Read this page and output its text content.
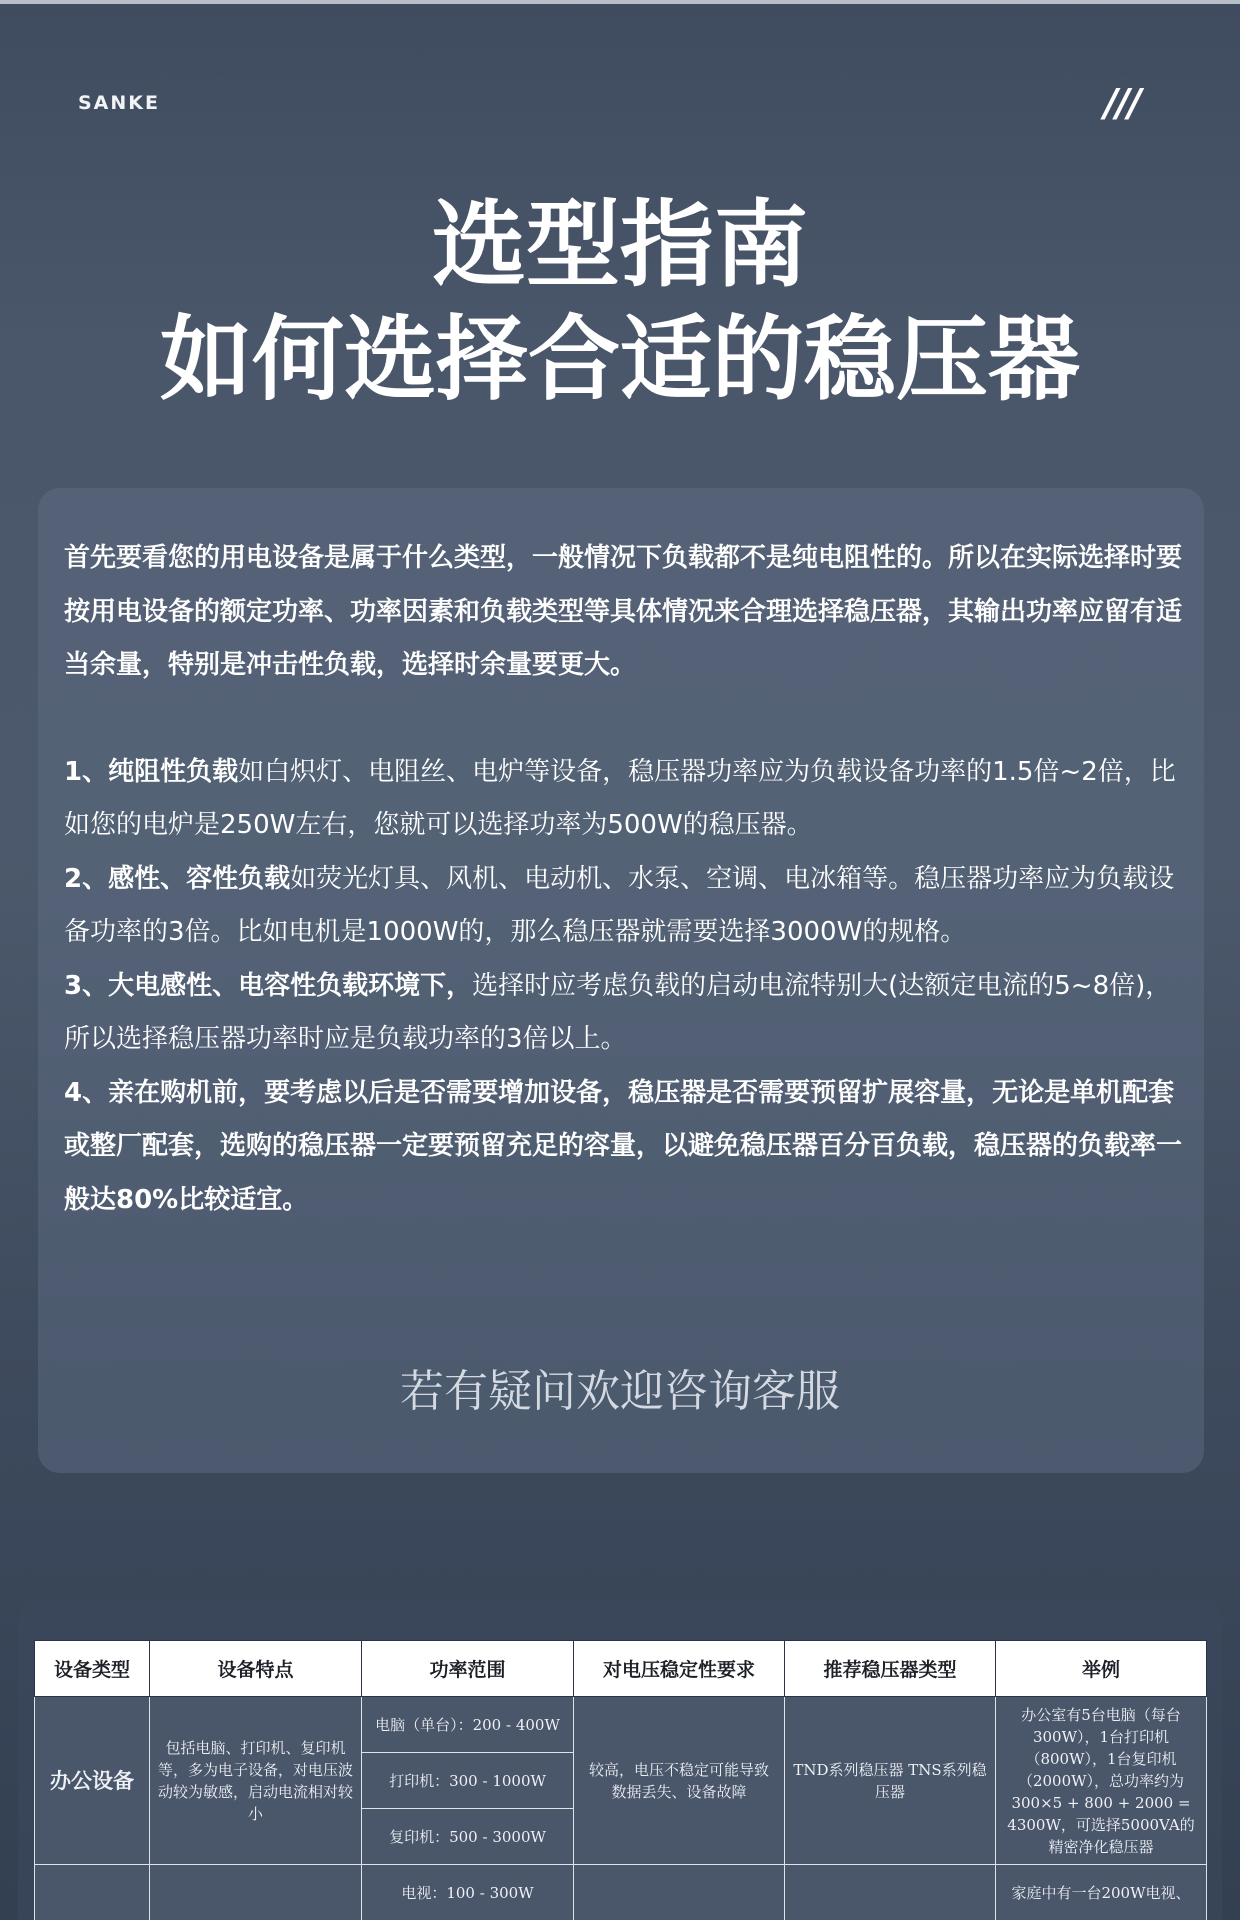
SANKE	///
选型指南
如何选择合适的稳压器

首先要看您的用电设备是属于什么类型，一般情况下负载都不是纯电阻性的。所以在实际选择时要按用电设备的额定功率、功率因素和负载类型等具体情况来合理选择稳压器，其输出功率应留有适当余量，特别是冲击性负载，选择时余量要更大。

1、纯阻性负载如白炽灯、电阻丝、电炉等设备，稳压器功率应为负载设备功率的1.5倍~2倍，比如您的电炉是250W左右，您就可以选择功率为500W的稳压器。

2、感性、容性负载如荧光灯具、风机、电动机、水泵、空调、电冰箱等。稳压器功率应为负载设备功率的3倍。比如电机是1000W的，那么稳压器就需要选择3000W的规格。

3、大电感性、电容性负载环境下，选择时应考虑负载的启动电流特别大(达额定电流的5~8倍)，所以选择稳压器功率时应是负载功率的3倍以上。

4、亲在购机前，要考虑以后是否需要增加设备，稳压器是否需要预留扩展容量，无论是单机配套或整厂配套，选购的稳压器一定要预留充足的容量，以避免稳压器百分百负载，稳压器的负载率一般达80%比较适宜。

若有疑问欢迎咨询客服
设备类型	设备特点	功率范围	对电压稳定性要求	推荐稳压器类型	举例
办公设备	包括电脑、打印机、复印机等，多为电子设备，对电压波动较为敏感，启动电流相对较小	电脑（单台）：200 - 400W	较高，电压不稳定可能导致数据丢失、设备故障	TND系列稳压器 TNS系列稳压器	办公室有5台电脑（每台300W），1台打印机（800W），1台复印机（2000W），总功率约为300×5 + 800 + 2000 = 4300W，可选择5000VA的精密净化稳压器
		打印机：300 - 1000W			
		复印机：500 - 3000W			
		电视：100 - 300W			家庭中有一台200W电视、
